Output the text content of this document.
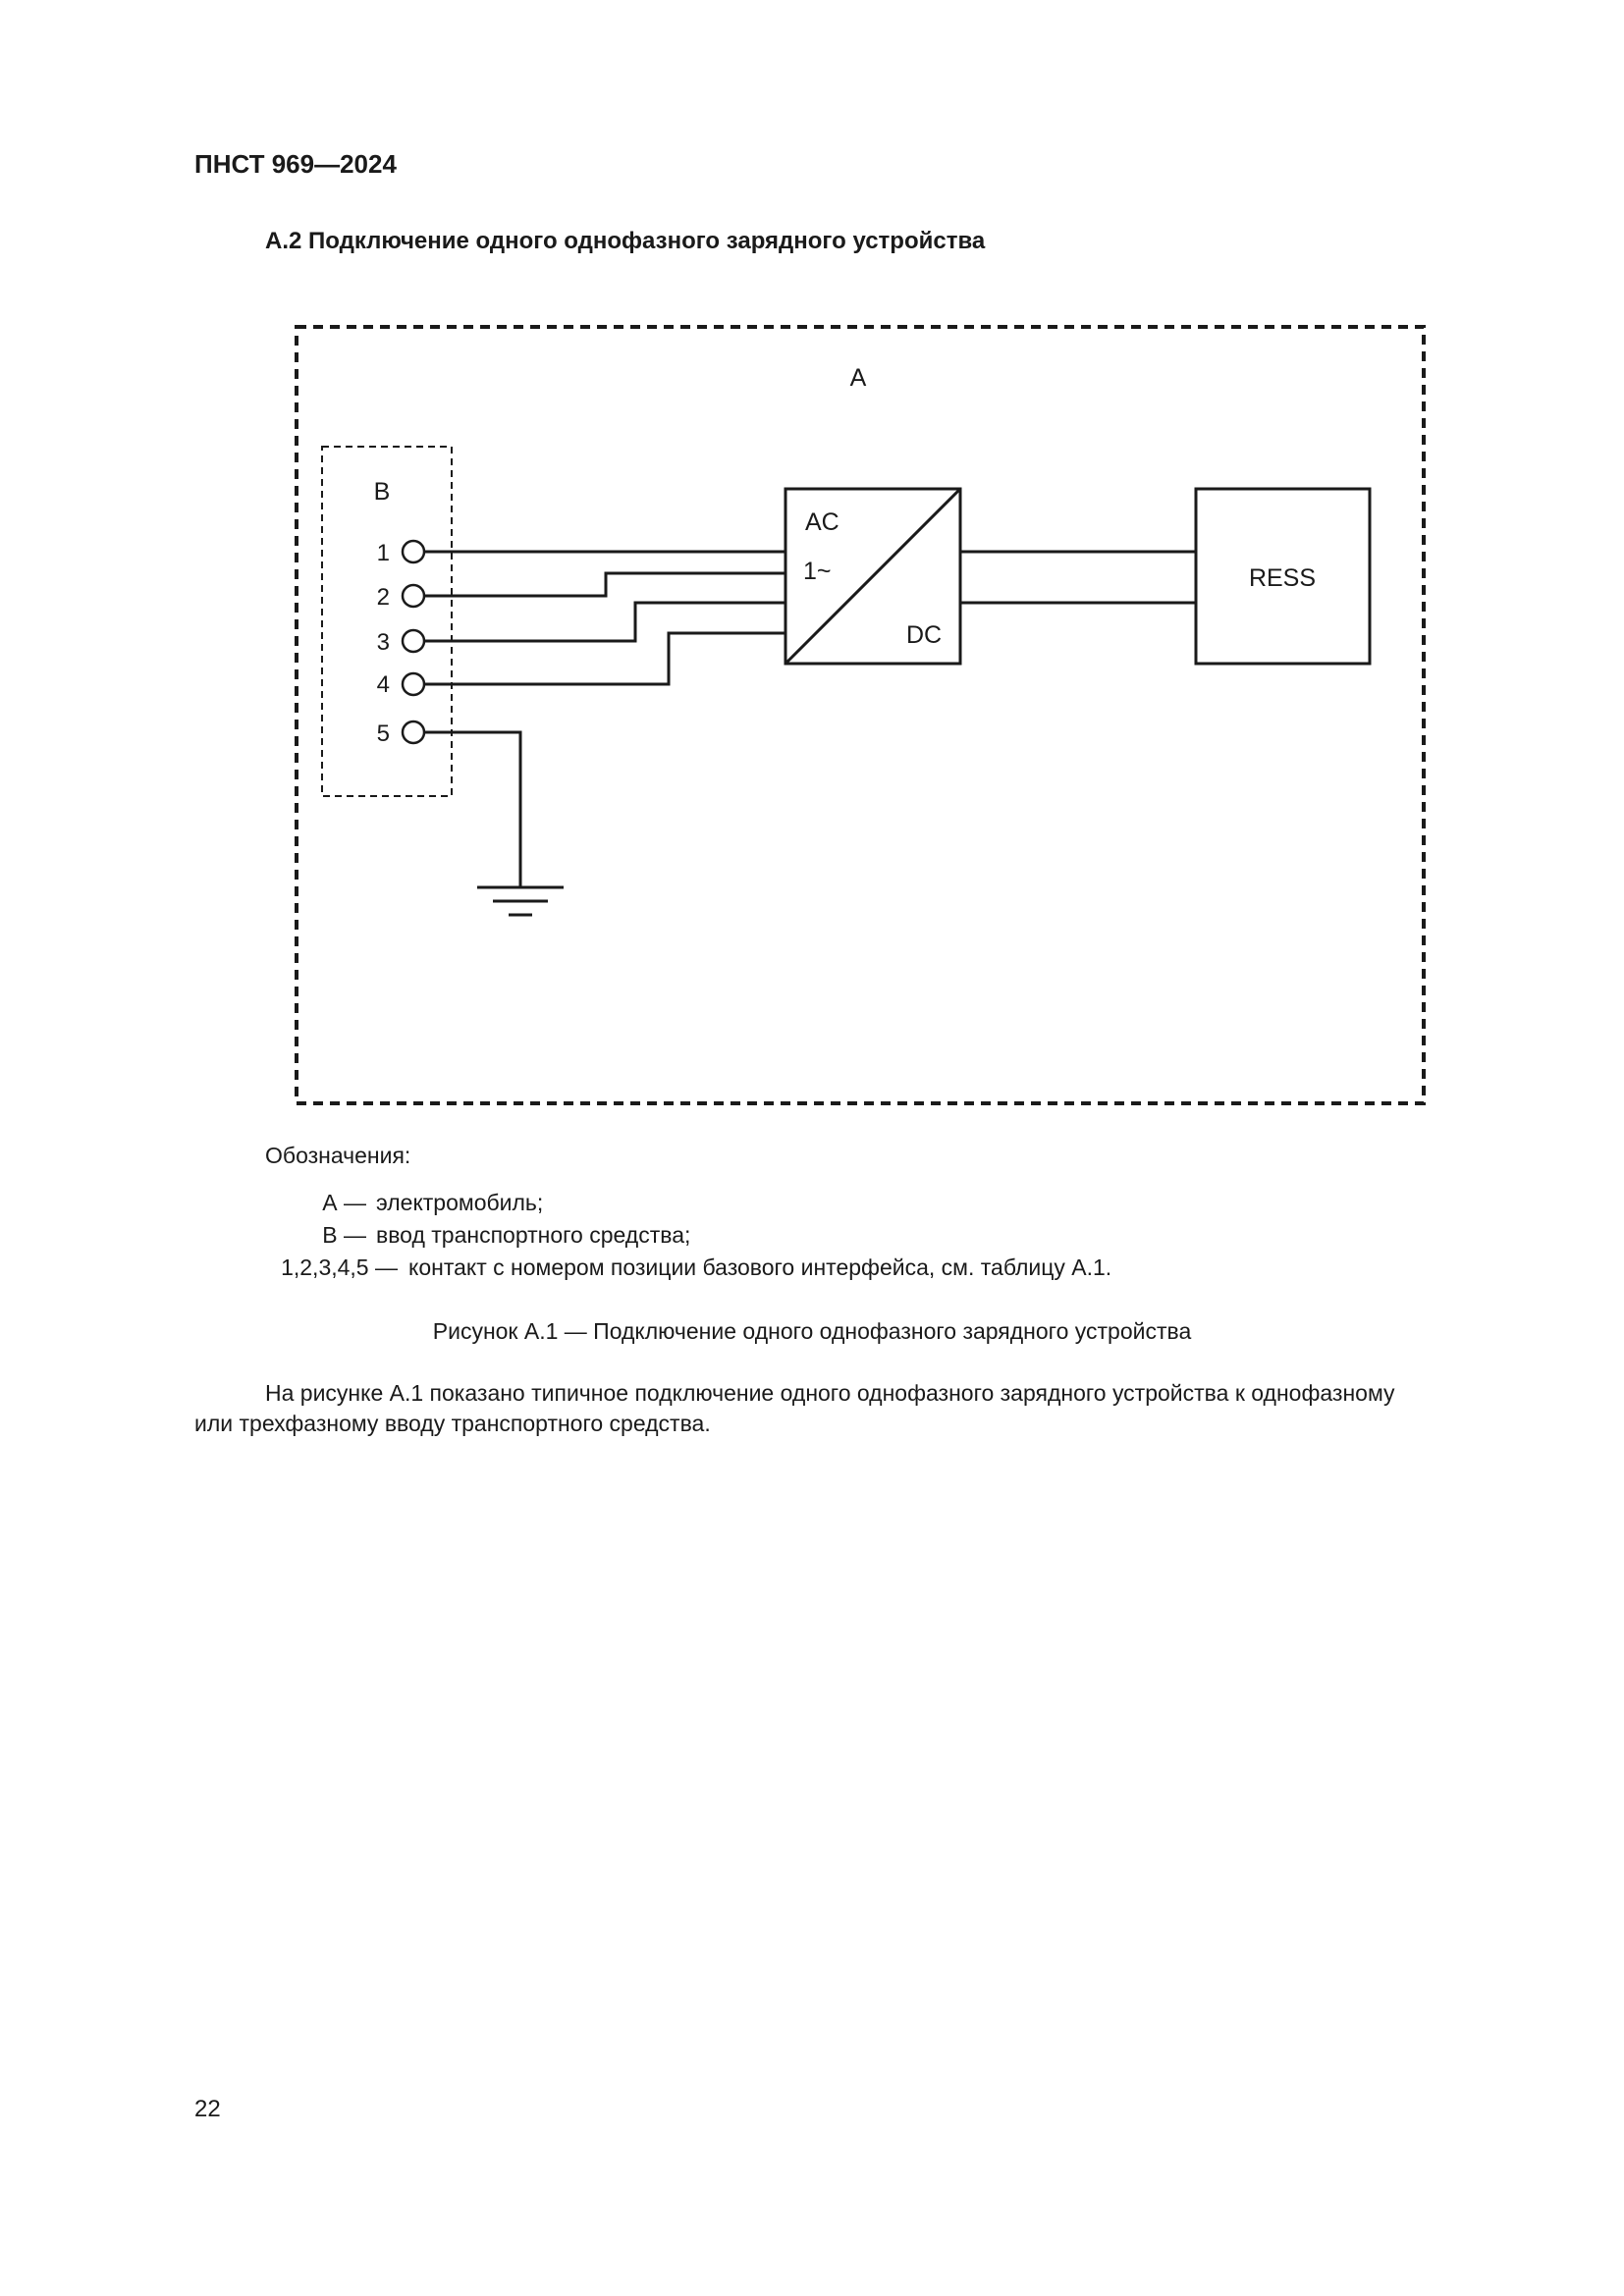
ПНСТ 969—2024

А.2 Подключение одного однофазного зарядного устройства

А
В
1
2
3
4
5
AC
1~
DC
RESS

Обозначения:

А — электромобиль;
В — ввод транспортного средства;
1,2,3,4,5 — контакт с номером позиции базового интерфейса, см. таблицу А.1.

Рисунок А.1 — Подключение одного однофазного зарядного устройства

На рисунке А.1 показано типичное подключение одного однофазного зарядного устройства к однофазному

или трехфазному вводу транспортного средства.

22
